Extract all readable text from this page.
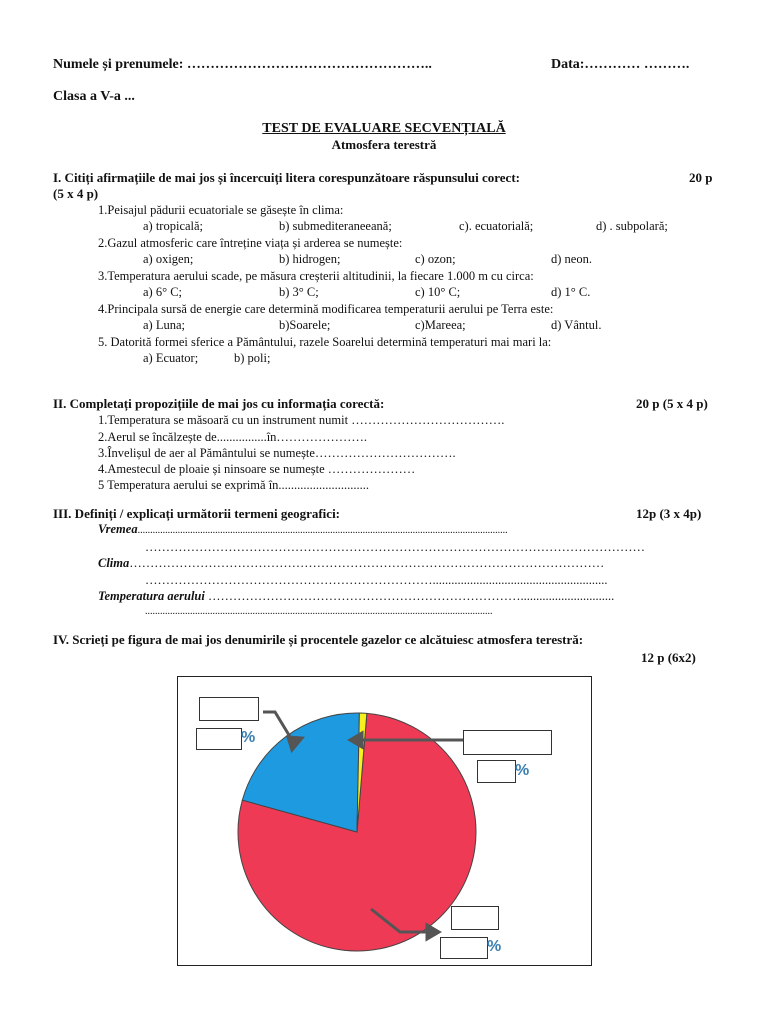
Numele și prenumele: ……………………………………………..	Data:………… ……….
Clasa a V-a ...
TEST DE EVALUARE SECVENȚIALĂ
Atmosfera terestră
I. Citiți afirmațiile de mai jos și încercuiți litera corespunzătoare răspunsului corect:	20 p
(5 x 4 p)
1.Peisajul pădurii ecuatoriale se găsește în clima:
a) tropicală;	b) submediteraneeană;	c). ecuatorială;	d) . subpolară;
2.Gazul atmosferic care întreține viața și arderea se numește:
a) oxigen;	b) hidrogen;	c) ozon;	d) neon.
3.Temperatura aerului scade, pe măsura creșterii altitudinii, la fiecare 1.000 m cu circa:
a) 6° C;	b) 3° C;	c) 10° C;	d) 1° C.
4.Principala sursă de energie care determină modificarea temperaturii aerului pe Terra este:
a) Luna;	b)Soarele;	c)Mareea;	d) Vântul.
5. Datorită formei sferice a Pământului, razele Soarelui determină temperaturi mai mari la:
a) Ecuator;	b) poli;
II. Completați propozițiile de mai jos cu informația corectă:	20 p (5 x 4 p)
1.Temperatura se măsoară cu un instrument numit ……………………………….
2.Aerul se încălzește de................în………………….
3.Învelișul de aer al Pământului se numește…………………………….
4.Amestecul de ploaie și ninsoare se numește …………………
5 Temperatura aerului se exprimă în.............................
III. Definiți / explicați următorii termeni geografici:	12p (3 x 4p)
Vremea....................................................................................................................................................
…………………………………………………………………………………………………………
Clima……………………………………………………………………………………………………
……………………………………………………………........................................................
Temperatura aerului …………………………………………………………………..............................
...........................................................................................................................................
IV. Scrieți pe figura de mai jos denumirile și procentele gazelor ce alcătuiesc atmosfera terestră:
12 p (6x2)
%
%
%
